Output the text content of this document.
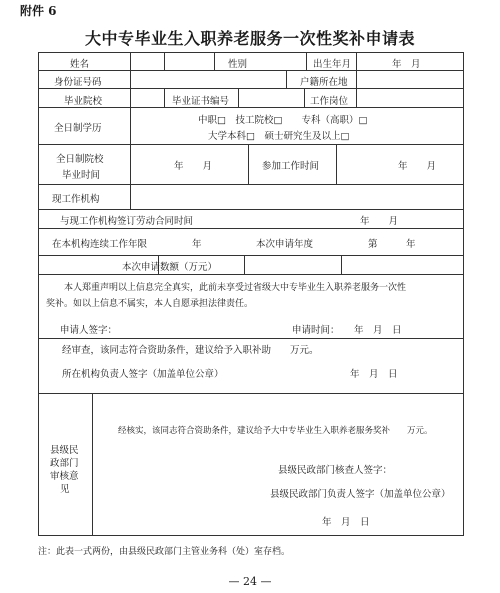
附件 6
大中专毕业生入职养老服务一次性奖补申请表
姓名	性别	出生年月	年　月
身份证号码	户籍所在地
毕业院校	毕业证书编号	工作岗位
全日制学历
中职□　技工院校□　　专科（高职）□
大学本科□　硕士研究生及以上□
全日制院校
毕业时间
年　　月	参加工作时间	年　　月
现工作机构
与现工作机构签订劳动合同时间	年　　月
在本机构连续工作年限	年	本次申请年度	第　　　年
本次申请数额（万元）
本人郑重声明以上信息完全真实，此前未享受过省级大中专毕业生入职养老服务一次性
奖补。如以上信息不属实，本人自愿承担法律责任。
申请人签字：	申请时间： 年　月　日
经审查，该同志符合资助条件，建议给予入职补助　　万元。
所在机构负责人签字（加盖单位公章）	年　月　日
县级民
政部门
审核意
见
经核实，该同志符合资助条件，建议给予大中专毕业生入职养老服务奖补　　万元。
县级民政部门核查人签字：
县级民政部门负责人签字（加盖单位公章）
年　月　日
注：此表一式两份，由县级民政部门主管业务科（处）室存档。
— 24 —
